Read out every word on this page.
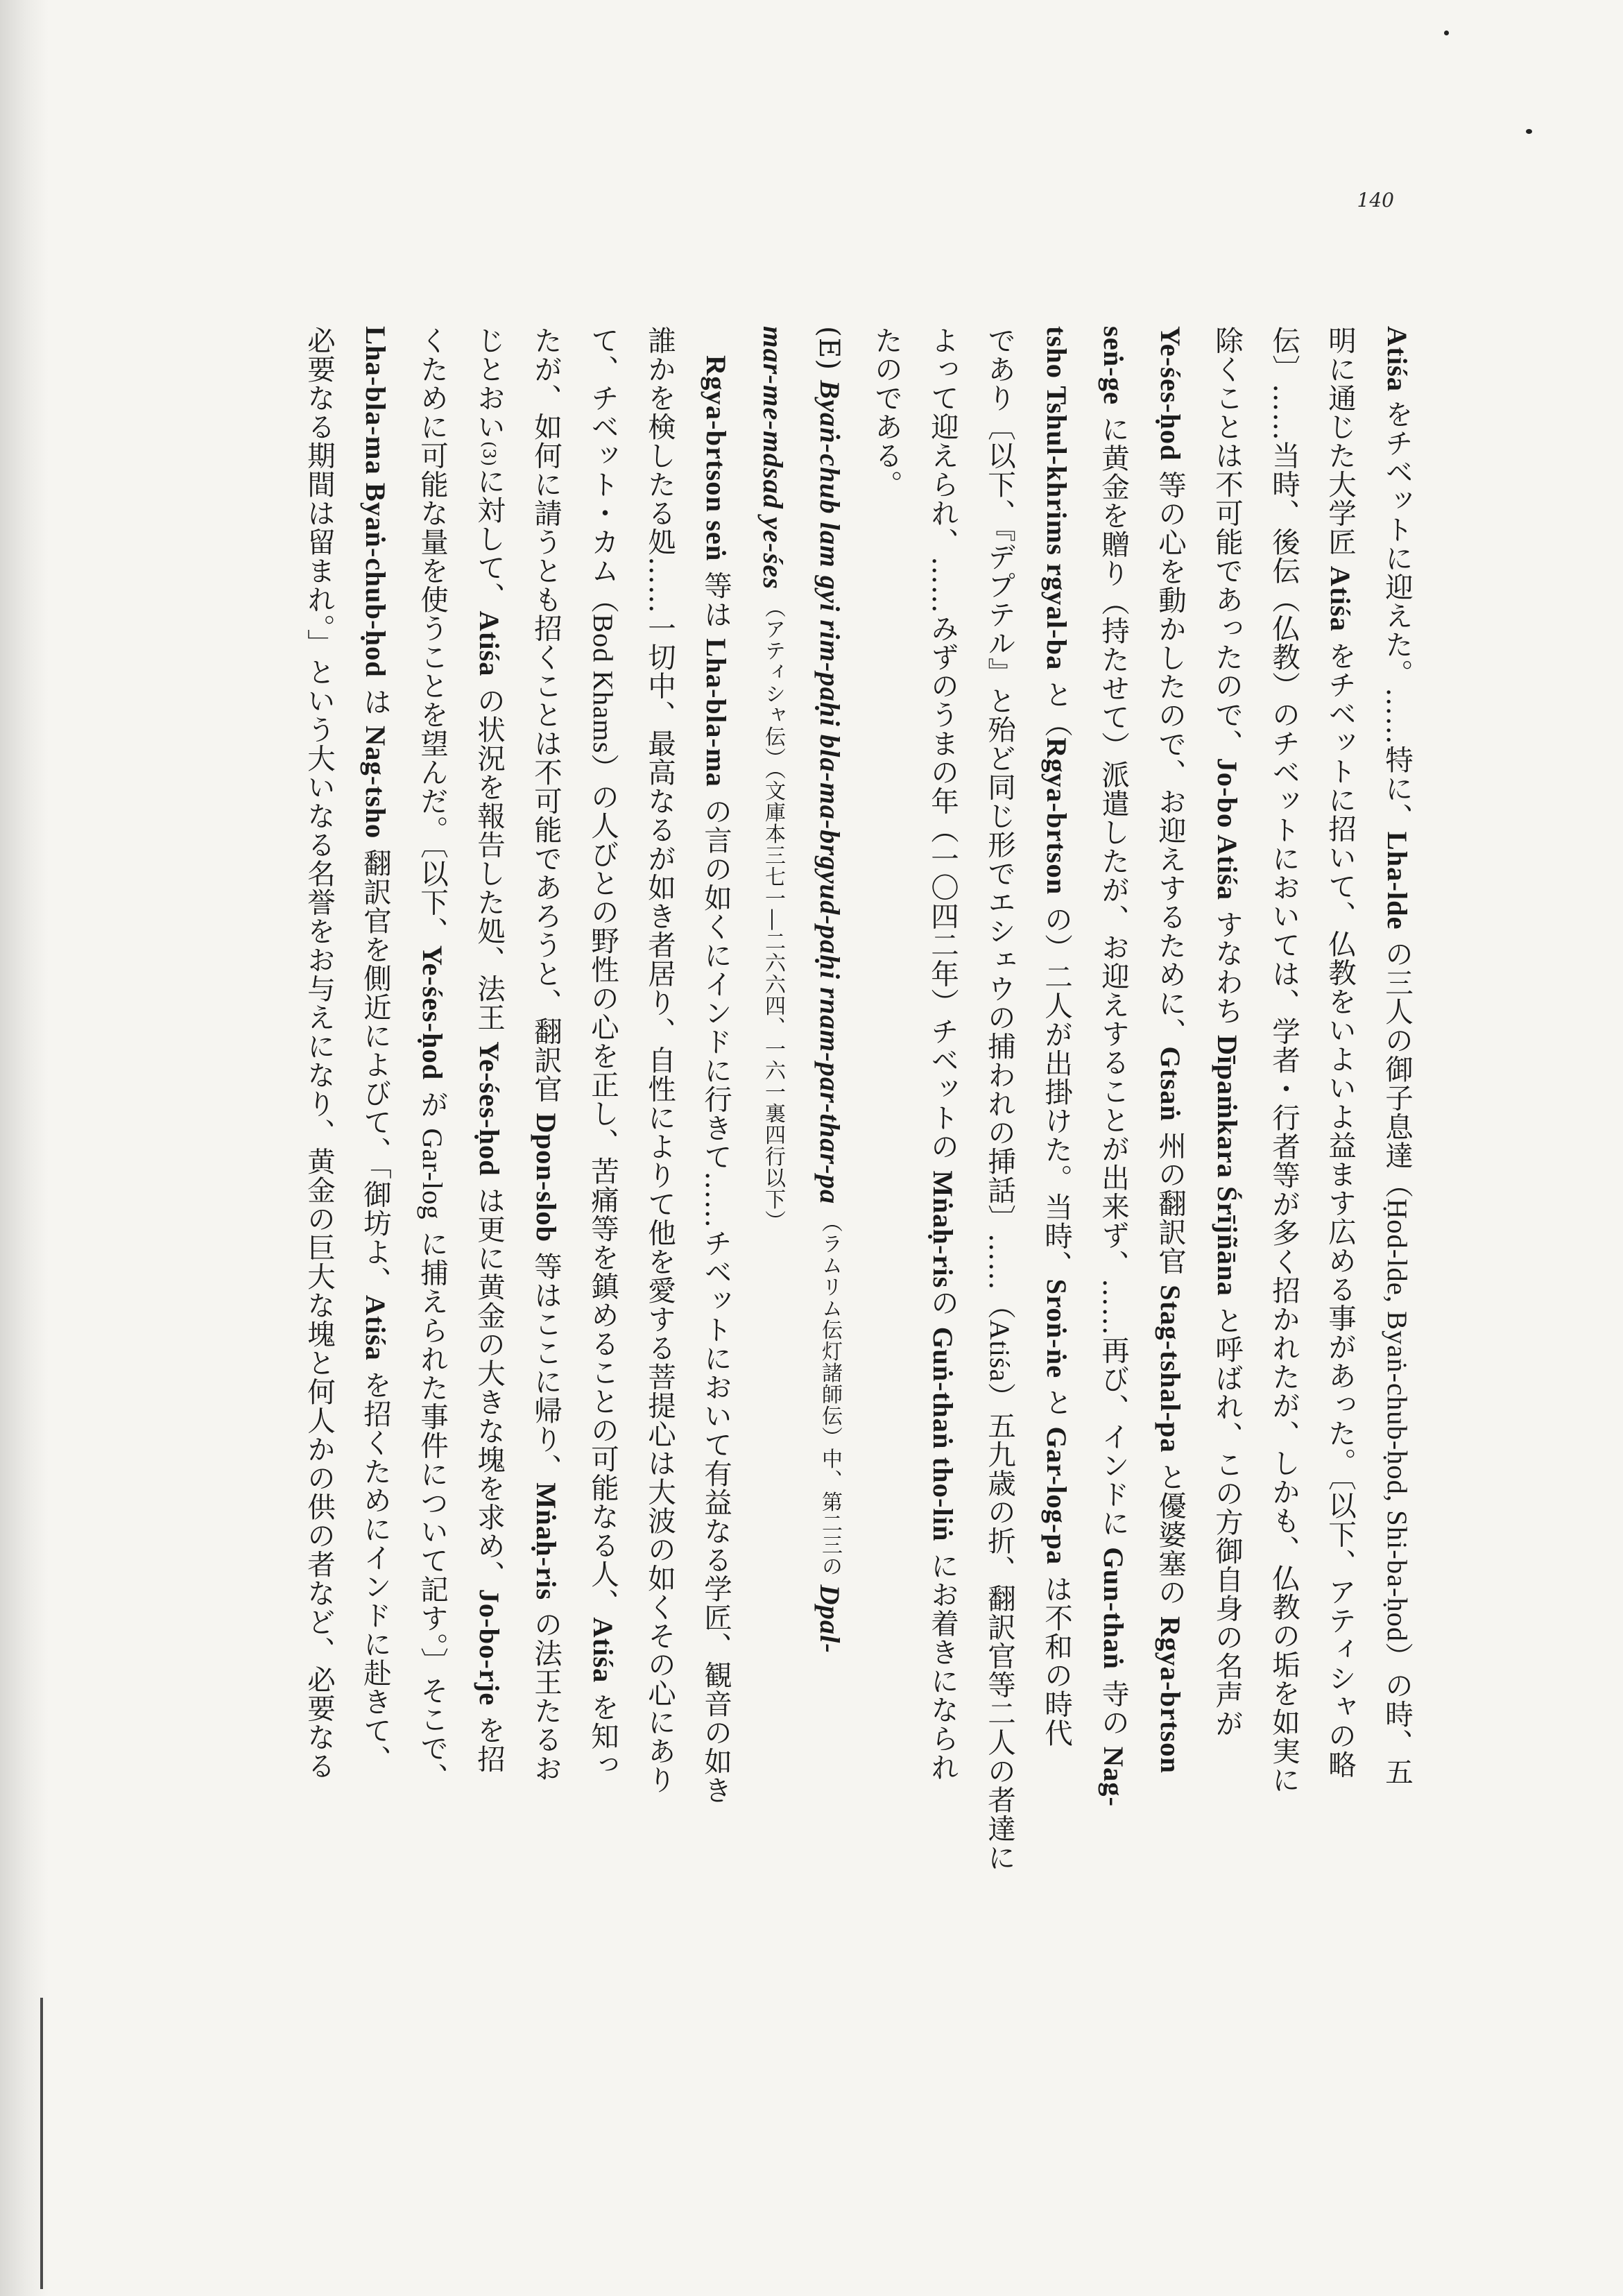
140
Atiśa をチベットに迎えた。……特に、Lha-lde の三人の御子息達（Ḥod-lde, Byaṅ-chub-ḥod, Shi-ba-ḥod）の時、五
明に通じた大学匠 Atiśa をチベットに招いて、仏教をいよいよ益ます広める事があった。〔以下、アティシャの略
伝〕……当時、後伝（仏教）のチベットにおいては、学者・行者等が多く招かれたが、しかも、仏教の垢を如実に
除くことは不可能であったので、Jo-bo Atiśa すなわち Dīpaṁkara Śrījñāna と呼ばれ、この方御自身の名声が
Ye-śes-ḥod 等の心を動かしたので、お迎えするために、Gtsaṅ 州の翻訳官 Stag-tshal-pa と優婆塞の Rgya-brtson
seṅ-ge に黄金を贈り（持たせて）派遣したが、お迎えすることが出来ず、……再び、インドに Gun-thaṅ 寺の Nag-
tsho Tshul-khrims rgyal-ba と（Rgya-brtson の）二人が出掛けた。当時、Sroṅ-ṅe と Gar-log-pa は不和の時代
であり〔以下、『デプテル』と殆ど同じ形でエシェウの捕われの挿話〕……（Atiśa）五九歳の折、翻訳官等二人の者達に
よって迎えられ、……みずのうまの年（一〇四二年）チベットの Mṅaḥ-risの Guṅ-thaṅ tho-liṅ にお着きになられ
たのである。
(E) Byaṅ-chub lam gyi rim-paḥi bla-ma-brgyud-paḥi rnam-par-thar-pa （ラムリム伝灯諸師伝）中、第二三の Dpal-
mar-me-mdsad ye-śes （アティシャ伝）（文庫本三七一―二六六四、一六一裏四行以下）
Rgya-brtson seṅ 等は Lha-bla-ma の言の如くにインドに行きて……チベットにおいて有益なる学匠、観音の如き
誰かを検したる処……一切中、最高なるが如き者居り、自性によりて他を愛する菩提心は大波の如くその心にあり
て、チベット・カム（Bod Khams）の人びとの野性の心を正し、苦痛等を鎮めることの可能なる人、Atiśa を知っ
たが、如何に請うとも招くことは不可能であろうと、翻訳官 Dpon-slob 等はここに帰り、Mṅaḥ-ris の法王たるお
じとおい(3)に対して、Atiśa の状況を報告した処、法王 Ye-śes-ḥod は更に黄金の大きな塊を求め、Jo-bo-rje を招
くために可能な量を使うことを望んだ。〔以下、Ye-śes-ḥod が Gar-log に捕えられた事件について記す。〕そこで、
Lha-bla-ma Byaṅ-chub-ḥod は Nag-tsho 翻訳官を側近によびて、「御坊よ、Atiśa を招くためにインドに赴きて、
必要なる期間は留まれ。」という大いなる名誉をお与えになり、黄金の巨大な塊と何人かの供の者など、必要なる
